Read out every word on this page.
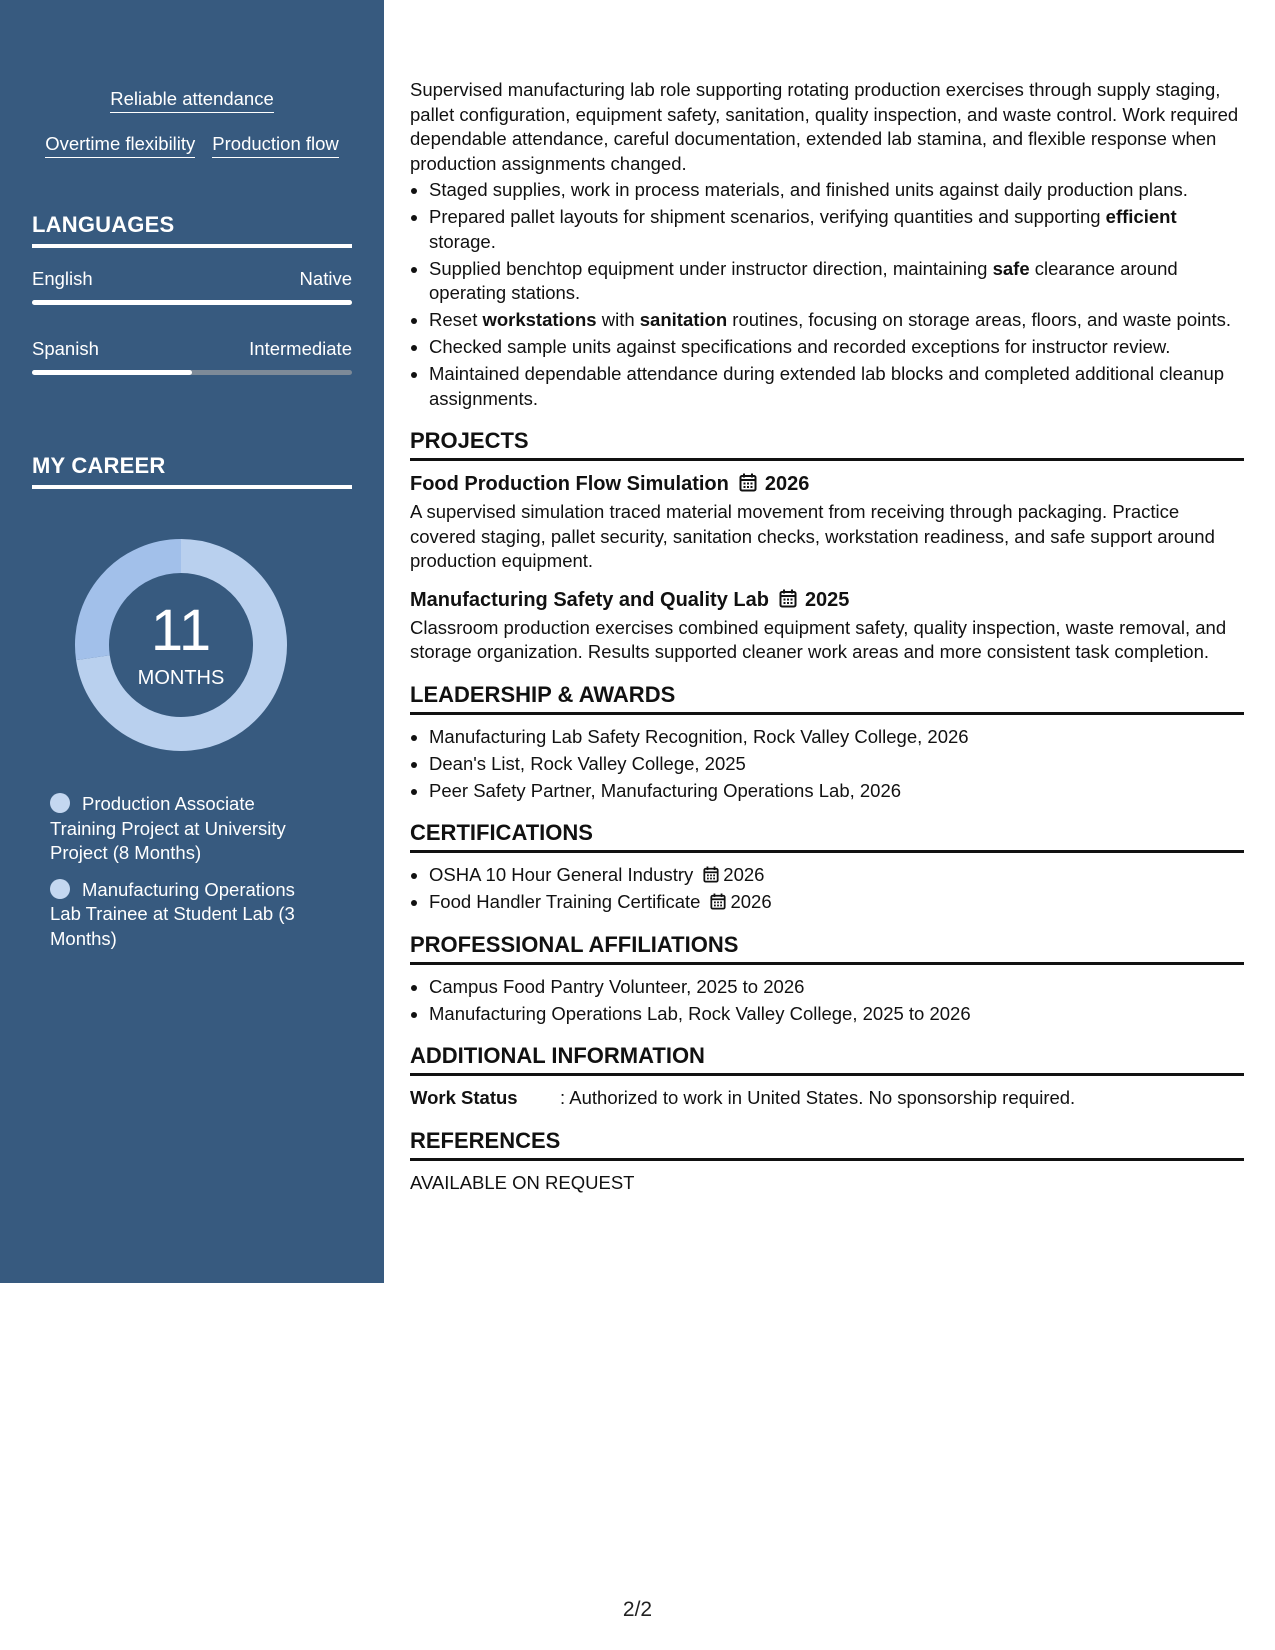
Reliable attendance
Overtime flexibility Production flow
LANGUAGES
English	Native
Spanish	Intermediate
MY CAREER
11
MONTHS
Production Associate Training Project at University Project (8 Months)
Manufacturing Operations Lab Trainee at Student Lab (3 Months)

Supervised manufacturing lab role supporting rotating production exercises through supply staging, pallet configuration, equipment safety, sanitation, quality inspection, and waste control. Work required dependable attendance, careful documentation, extended lab stamina, and flexible response when production assignments changed.

• Staged supplies, work in process materials, and finished units against daily production plans.
• Prepared pallet layouts for shipment scenarios, verifying quantities and supporting efficient storage.
• Supplied benchtop equipment under instructor direction, maintaining safe clearance around operating stations.
• Reset workstations with sanitation routines, focusing on storage areas, floors, and waste points.
• Checked sample units against specifications and recorded exceptions for instructor review.
• Maintained dependable attendance during extended lab blocks and completed additional cleanup assignments.
PROJECTS
Food Production Flow Simulation 2026

A supervised simulation traced material movement from receiving through packaging. Practice covered staging, pallet security, sanitation checks, workstation readiness, and safe support around production equipment.

Manufacturing Safety and Quality Lab 2025

Classroom production exercises combined equipment safety, quality inspection, waste removal, and storage organization. Results supported cleaner work areas and more consistent task completion.

LEADERSHIP & AWARDS
• Manufacturing Lab Safety Recognition, Rock Valley College, 2026
• Dean's List, Rock Valley College, 2025
• Peer Safety Partner, Manufacturing Operations Lab, 2026
CERTIFICATIONS
• OSHA 10 Hour General Industry 2026
• Food Handler Training Certificate 2026
PROFESSIONAL AFFILIATIONS
• Campus Food Pantry Volunteer, 2025 to 2026
• Manufacturing Operations Lab, Rock Valley College, 2025 to 2026
ADDITIONAL INFORMATION

Work Status : Authorized to work in United States. No sponsorship required.

REFERENCES

AVAILABLE ON REQUEST

2/2
